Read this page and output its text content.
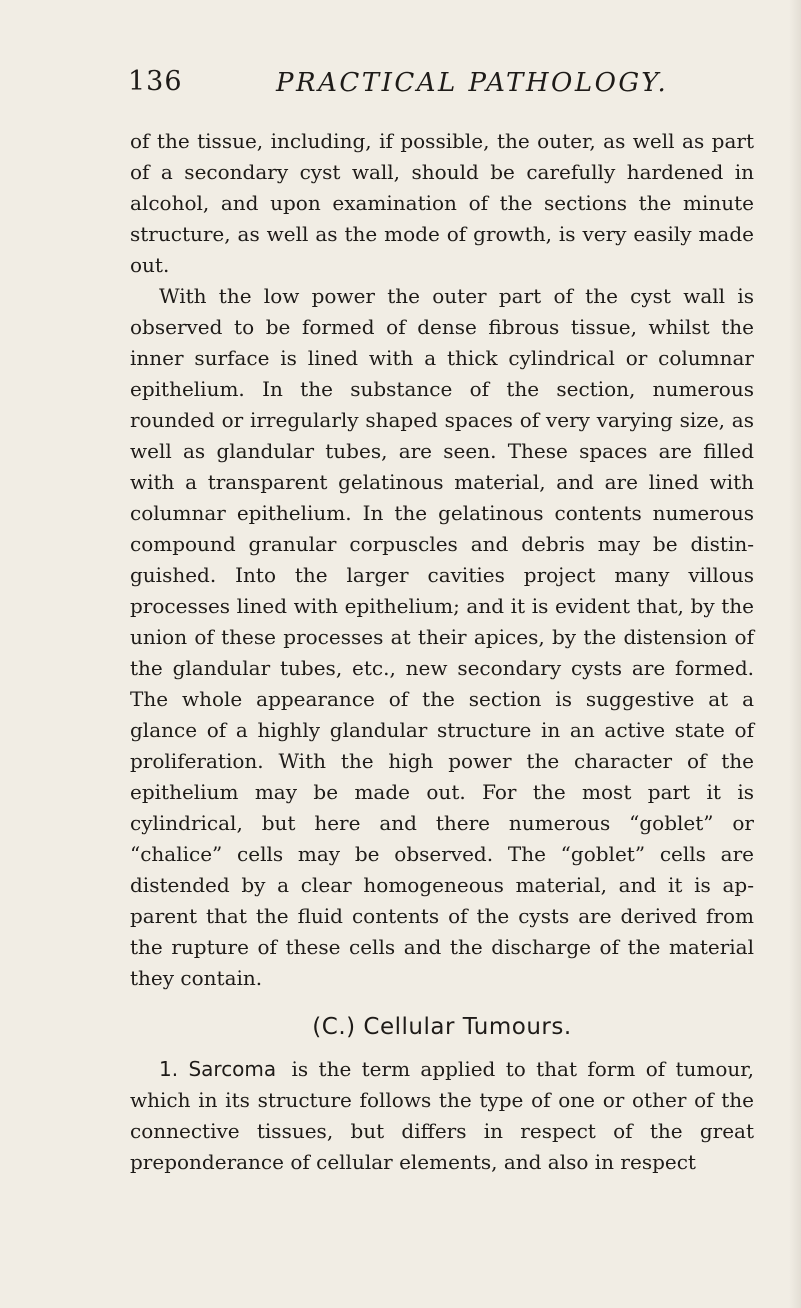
136	PRACTICAL PATHOLOGY.

of the tissue, including, if possible, the outer, as well as part of a secondary cyst wall, should be carefully hardened in alcohol, and upon examination of the sections the minute structure, as well as the mode of growth, is very easily made out.

With the low power the outer part of the cyst wall is observed to be formed of dense fibrous tissue, whilst the inner surface is lined with a thick cylindrical or columnar epithelium. In the substance of the section, numerous rounded or irregularly shaped spaces of very varying size, as well as glandular tubes, are seen. These spaces are filled with a transparent gelatinous material, and are lined with columnar epithelium. In the gelatinous contents numerous compound granular corpuscles and debris may be distinguished. Into the larger cavities project many villous processes lined with epithelium; and it is evident that, by the union of these processes at their apices, by the distension of the glandular tubes, etc., new secondary cysts are formed. The whole appearance of the section is suggestive at a glance of a highly glandular structure in an active state of proliferation. With the high power the character of the epithelium may be made out. For the most part it is cylindrical, but here and there numerous “goblet” or “chalice” cells may be observed. The “goblet” cells are distended by a clear homogeneous material, and it is apparent that the fluid contents of the cysts are derived from the rupture of these cells and the discharge of the material they contain.

(C.) Cellular Tumours.

1. Sarcoma is the term applied to that form of tumour, which in its structure follows the type of one or other of the connective tissues, but differs in respect of the great preponderance of cellular elements, and also in respect
